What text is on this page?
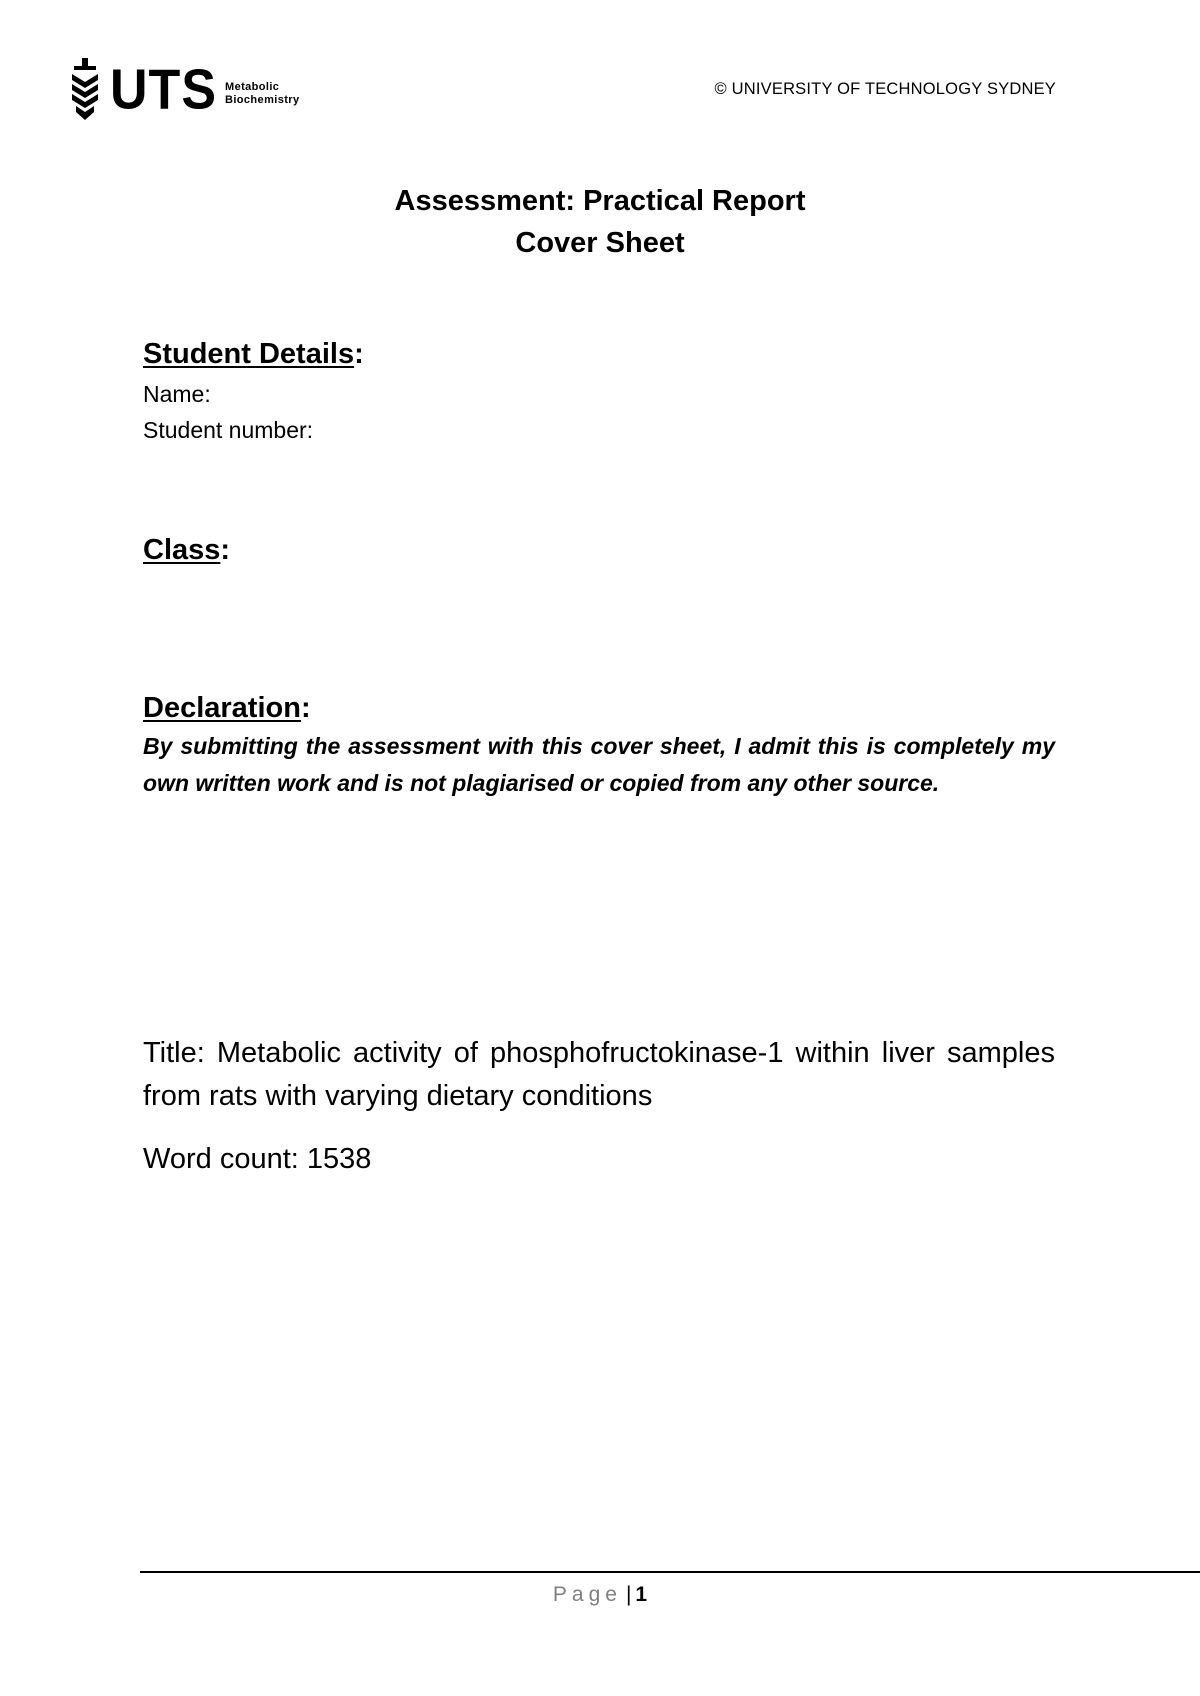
UTS Metabolic
Biochemistry
© UNIVERSITY OF TECHNOLOGY SYDNEY
Assessment: Practical Report
Cover Sheet
Student Details:
Name:
Student number:
Class:
Declaration:
By submitting the assessment with this cover sheet, I admit this is completely my own written work and is not plagiarised or copied from any other source.
Title: Metabolic activity of phosphofructokinase-1 within liver samples from rats with varying dietary conditions
Word count: 1538
Page | 1
